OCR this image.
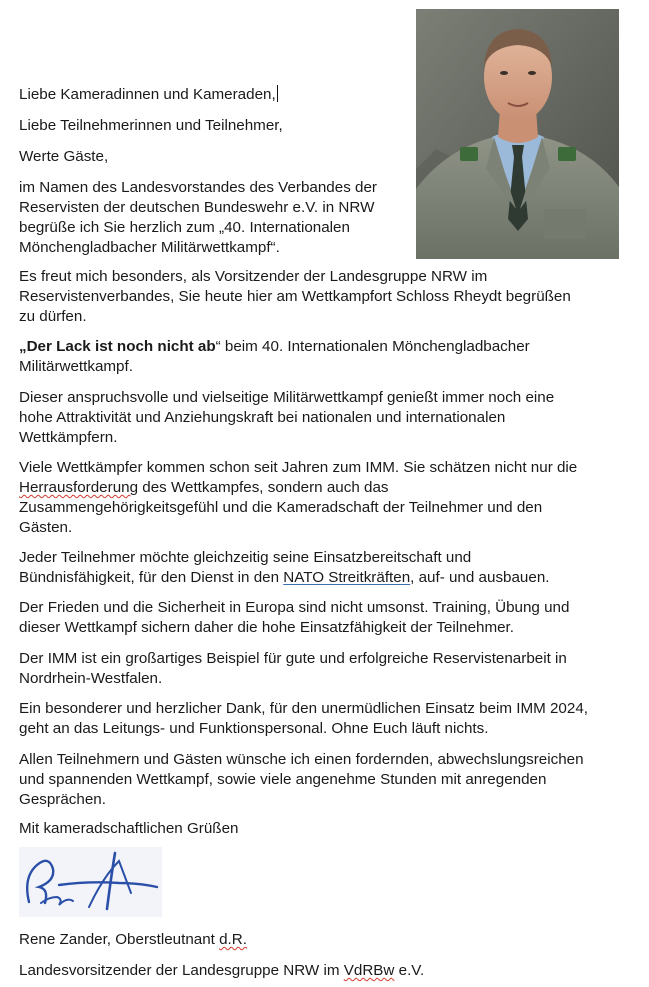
Liebe Kameradinnen und Kameraden,

Liebe Teilnehmerinnen und Teilnehmer,

Werte Gäste,

im Namen des Landesvorstandes des Verbandes der
Reservisten der deutschen Bundeswehr e.V. in NRW
begrüße ich Sie herzlich zum „40. Internationalen
Mönchengladbacher Militärwettkampf“.
Es freut mich besonders, als Vorsitzender der Landesgruppe NRW im
Reservistenverbandes, Sie heute hier am Wettkampfort Schloss Rheydt begrüßen
zu dürfen.
„Der Lack ist noch nicht ab“ beim 40. Internationalen Mönchengladbacher
Militärwettkampf.
Dieser anspruchsvolle und vielseitige Militärwettkampf genießt immer noch eine
hohe Attraktivität und Anziehungskraft bei nationalen und internationalen
Wettkämpfern.
Viele Wettkämpfer kommen schon seit Jahren zum IMM. Sie schätzen nicht nur die
Herrausforderung des Wettkampfes, sondern auch das
Zusammengehörigkeitsgefühl und die Kameradschaft der Teilnehmer und den
Gästen.
Jeder Teilnehmer möchte gleichzeitig seine Einsatzbereitschaft und
Bündnisfähigkeit, für den Dienst in den NATO Streitkräften, auf- und ausbauen.
Der Frieden und die Sicherheit in Europa sind nicht umsonst. Training, Übung und
dieser Wettkampf sichern daher die hohe Einsatzfähigkeit der Teilnehmer.
Der IMM ist ein großartiges Beispiel für gute und erfolgreiche Reservistenarbeit in
Nordrhein-Westfalen.
Ein besonderer und herzlicher Dank, für den unermüdlichen Einsatz beim IMM 2024,
geht an das Leitungs- und Funktionspersonal. Ohne Euch läuft nichts.
Allen Teilnehmern und Gästen wünsche ich einen fordernden, abwechslungsreichen
und spannenden Wettkampf, sowie viele angenehme Stunden mit anregenden
Gesprächen.

Mit kameradschaftlichen Grüßen

Rene Zander, Oberstleutnant d.R.

Landesvorsitzender der Landesgruppe NRW im VdRBw e.V.
